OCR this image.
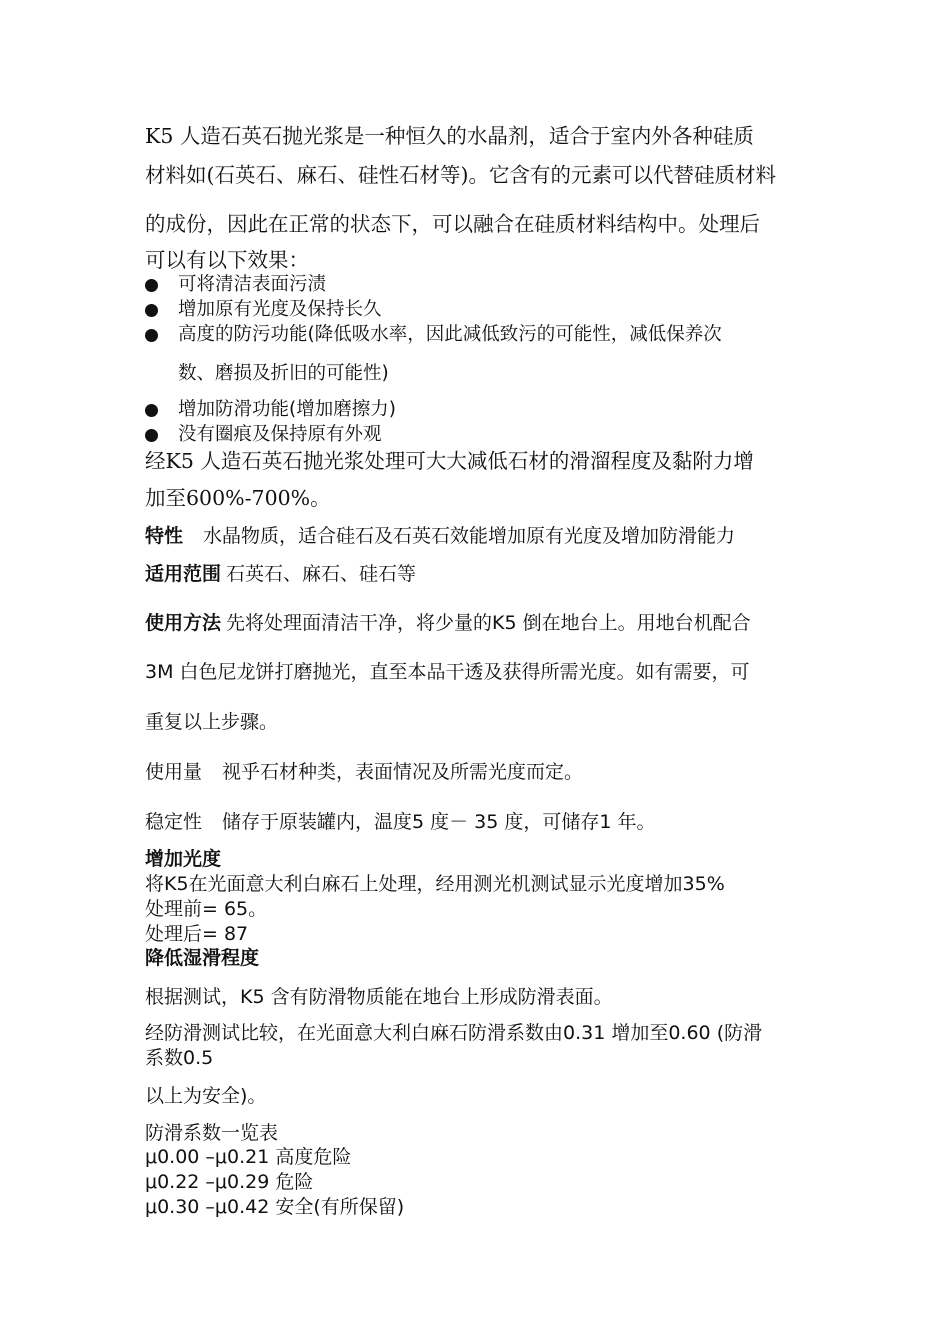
K5 人造石英石抛光浆是一种恒久的水晶剂，适合于室内外各种硅质
材料如(石英石、麻石、硅性石材等)。它含有的元素可以代替硅质材料
的成份，因此在正常的状态下，可以融合在硅质材料结构中。处理后
可以有以下效果：
可将清洁表面污渍
增加原有光度及保持长久
高度的防污功能(降低吸水率，因此减低致污的可能性，减低保养次
数、磨损及折旧的可能性)
增加防滑功能(增加磨擦力)
没有圈痕及保持原有外观
经K5 人造石英石抛光浆处理可大大减低石材的滑溜程度及黏附力增
加至600%-700%。
特性 水晶物质，适合硅石及石英石效能增加原有光度及增加防滑能力
适用范围 石英石、麻石、硅石等
使用方法 先将处理面清洁干净，将少量的K5 倒在地台上。用地台机配合
3M 白色尼龙饼打磨抛光，直至本品干透及获得所需光度。如有需要，可
重复以上步骤。
使用量 视乎石材种类，表面情况及所需光度而定。
稳定性 储存于原装罐内，温度5 度－ 35 度，可储存1 年。
增加光度
将K5在光面意大利白麻石上处理，经用测光机测试显示光度增加35%
处理前= 65。
处理后= 87
降低湿滑程度
根据测试，K5 含有防滑物质能在地台上形成防滑表面。
经防滑测试比较，在光面意大利白麻石防滑系数由0.31 增加至0.60 (防滑
系数0.5
以上为安全)。
防滑系数一览表
μ0.00 –μ0.21 高度危险
μ0.22 –μ0.29 危险
μ0.30 –μ0.42 安全(有所保留)
